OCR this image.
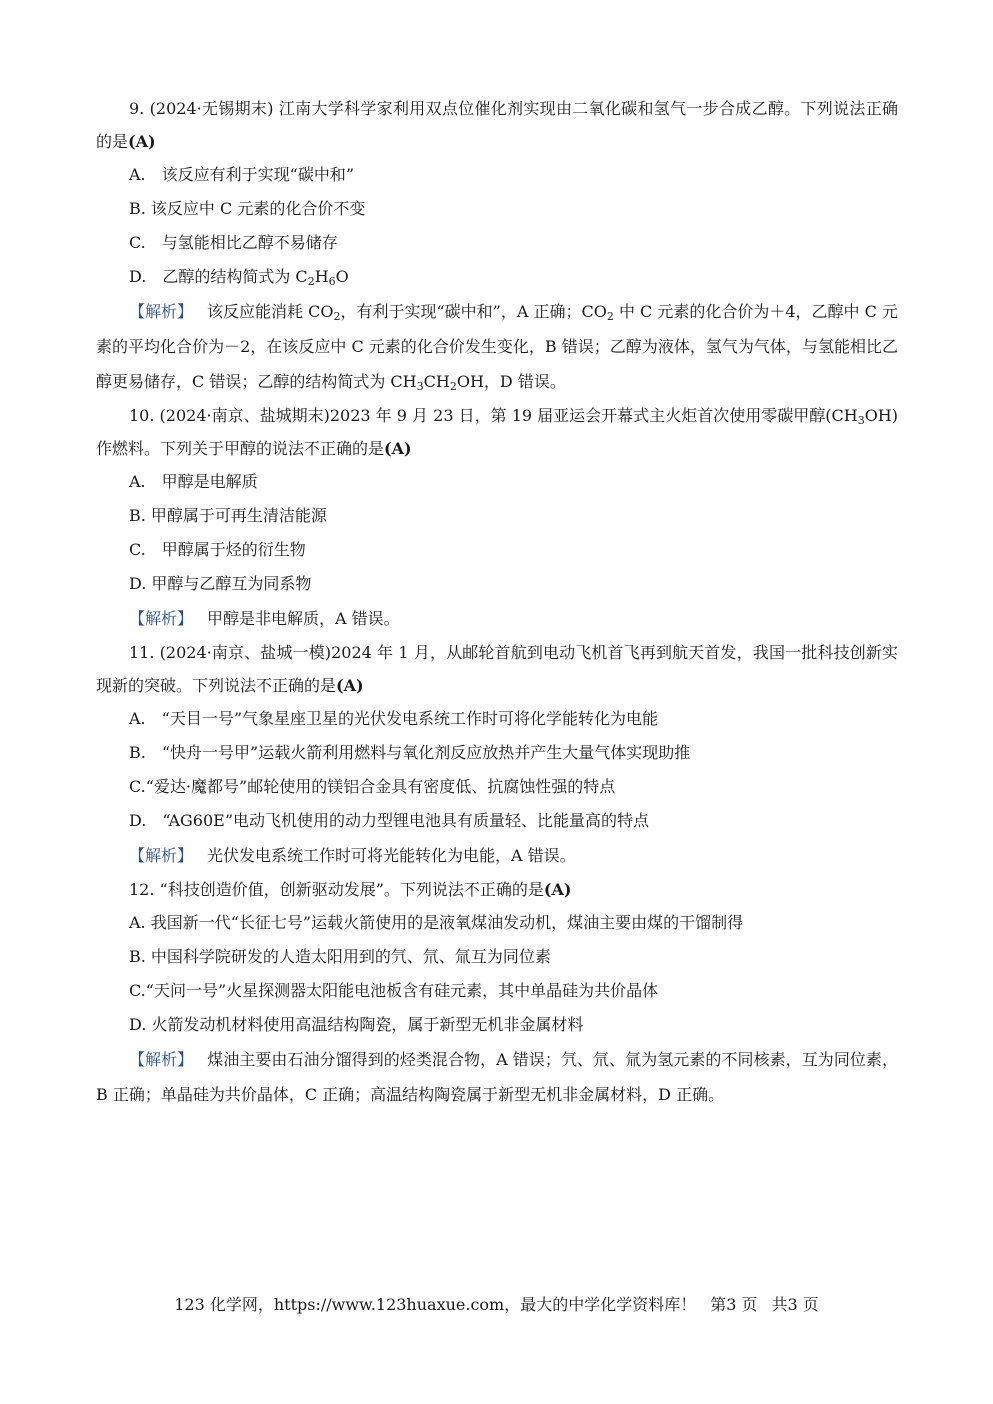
9. (2024·无锡期末) 江南大学科学家利用双点位催化剂实现由二氧化碳和氢气一步合成乙醇。下列说法正确的是(A)

A.　该反应有利于实现“碳中和”

B. 该反应中 C 元素的化合价不变

C.　与氢能相比乙醇不易储存

D.　乙醇的结构简式为 $C_2H_6O$

【解析】 该反应能消耗 $CO_2$，有利于实现“碳中和”，A 正确；$CO_2$ 中 C 元素的化合价为＋4，乙醇中 C 元素的平均化合价为－2，在该反应中 C 元素的化合价发生变化，B 错误；乙醇为液体，氢气为气体，与氢能相比乙醇更易储存，C 错误；乙醇的结构简式为 $CH_3CH_2OH$，D 错误。

10. (2024·南京、盐城期末)2023 年 9 月 23 日，第 19 届亚运会开幕式主火炬首次使用零碳甲醇$(CH_3OH)$作燃料。下列关于甲醇的说法不正确的是(A)

A.　甲醇是电解质

B. 甲醇属于可再生清洁能源

C.　甲醇属于烃的衍生物

D. 甲醇与乙醇互为同系物

【解析】 甲醇是非电解质，A 错误。

11. (2024·南京、盐城一模)2024 年 1 月，从邮轮首航到电动飞机首飞再到航天首发，我国一批科技创新实现新的突破。下列说法不正确的是(A)

A.　“天目一号”气象星座卫星的光伏发电系统工作时可将化学能转化为电能

B.　“快舟一号甲”运载火箭利用燃料与氧化剂反应放热并产生大量气体实现助推

C.“爱达·魔都号”邮轮使用的镁铝合金具有密度低、抗腐蚀性强的特点

D.　“AG60E”电动飞机使用的动力型锂电池具有质量轻、比能量高的特点

【解析】 光伏发电系统工作时可将光能转化为电能，A 错误。

12. “科技创造价值，创新驱动发展”。下列说法不正确的是(A)

A. 我国新一代“长征七号”运载火箭使用的是液氧煤油发动机，煤油主要由煤的干馏制得

B. 中国科学院研发的人造太阳用到的氕、氘、氚互为同位素

C.“天问一号”火星探测器太阳能电池板含有硅元素，其中单晶硅为共价晶体

D. 火箭发动机材料使用高温结构陶瓷，属于新型无机非金属材料

【解析】 煤油主要由石油分馏得到的烃类混合物，A 错误；氕、氘、氚为氢元素的不同核素，互为同位素，B 正确；单晶硅为共价晶体，C 正确；高温结构陶瓷属于新型无机非金属材料，D 正确。

123 化学网，https://www.123huaxue.com，最大的中学化学资料库！ 第3 页 共3 页
